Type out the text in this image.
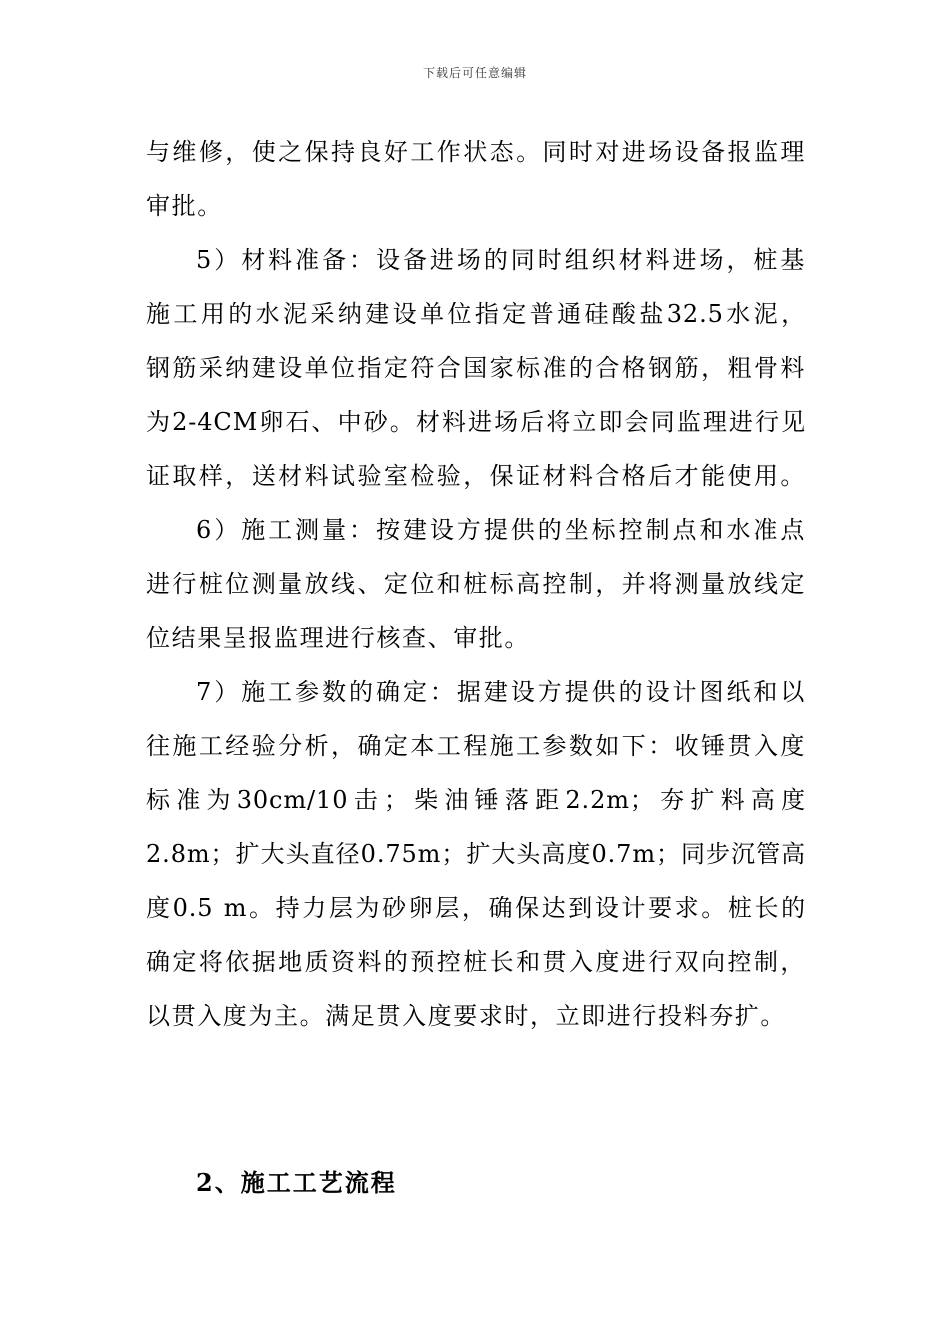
下载后可任意编辑
与维修，使之保持良好工作状态。同时对进场设备报监理
审批。
5）材料准备：设备进场的同时组织材料进场，桩基
施工用的水泥采纳建设单位指定普通硅酸盐32.5水泥，
钢筋采纳建设单位指定符合国家标准的合格钢筋，粗骨料
为2-4CM卵石、中砂。材料进场后将立即会同监理进行见
证取样，送材料试验室检验，保证材料合格后才能使用。
6）施工测量：按建设方提供的坐标控制点和水准点
进行桩位测量放线、定位和桩标高控制，并将测量放线定
位结果呈报监理进行核查、审批。
7）施工参数的确定：据建设方提供的设计图纸和以
往施工经验分析，确定本工程施工参数如下：收锤贯入度
标准为30cm/10击；柴油锤落距2.2m；夯扩料高度
2.8m；扩大头直径0.75m；扩大头高度0.7m；同步沉管高
度0.5 m。持力层为砂卵层，确保达到设计要求。桩长的
确定将依据地质资料的预控桩长和贯入度进行双向控制，
以贯入度为主。满足贯入度要求时，立即进行投料夯扩。
2、施工工艺流程
